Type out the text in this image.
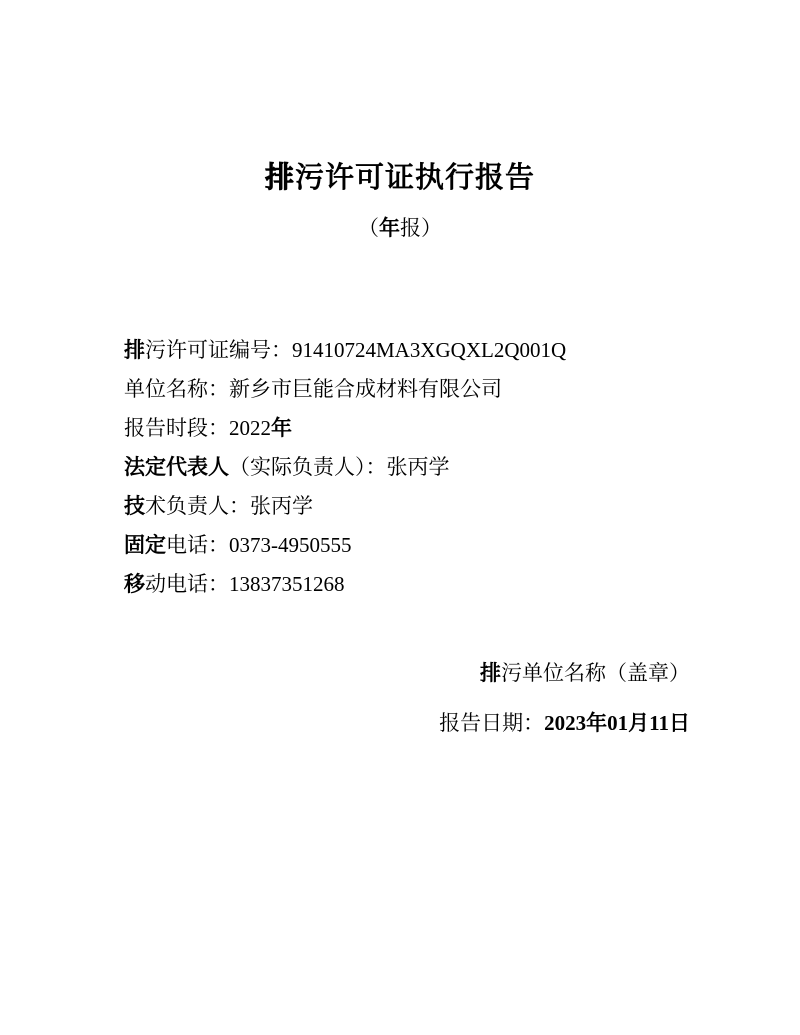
排污许可证执行报告
（年报）
排污许可证编号：91410724MA3XGQXL2Q001Q
单位名称：新乡市巨能合成材料有限公司
报告时段：2022年
法定代表人（实际负责人）：张丙学
技术负责人：张丙学
固定电话：0373-4950555
移动电话：13837351268
排污单位名称（盖章）
报告日期：2023年01月11日
